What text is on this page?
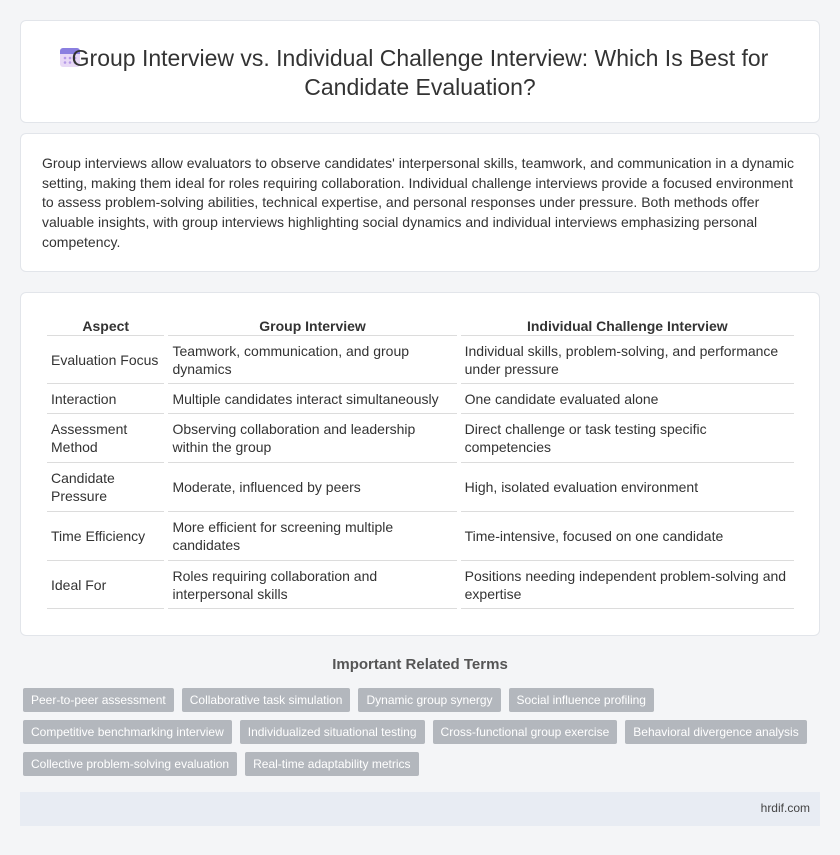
Group Interview vs. Individual Challenge Interview: Which Is Best for Candidate Evaluation?

Group interviews allow evaluators to observe candidates' interpersonal skills, teamwork, and communication in a dynamic setting, making them ideal for roles requiring collaboration. Individual challenge interviews provide a focused environment to assess problem-solving abilities, technical expertise, and personal responses under pressure. Both methods offer valuable insights, with group interviews highlighting social dynamics and individual interviews emphasizing personal competency.

Aspect	Group Interview	Individual Challenge Interview
Evaluation Focus	Teamwork, communication, and group dynamics	Individual skills, problem-solving, and performance under pressure
Interaction	Multiple candidates interact simultaneously	One candidate evaluated alone
Assessment Method	Observing collaboration and leadership within the group	Direct challenge or task testing specific competencies
Candidate Pressure	Moderate, influenced by peers	High, isolated evaluation environment
Time Efficiency	More efficient for screening multiple candidates	Time-intensive, focused on one candidate
Ideal For	Roles requiring collaboration and interpersonal skills	Positions needing independent problem-solving and expertise
Important Related Terms
Peer-to-peer assessment	Collaborative task simulation	Dynamic group synergy	Social influence profiling
Competitive benchmarking interview	Individualized situational testing	Cross-functional group exercise	Behavioral divergence analysis
Collective problem-solving evaluation	Real-time adaptability metrics
hrdif.com
